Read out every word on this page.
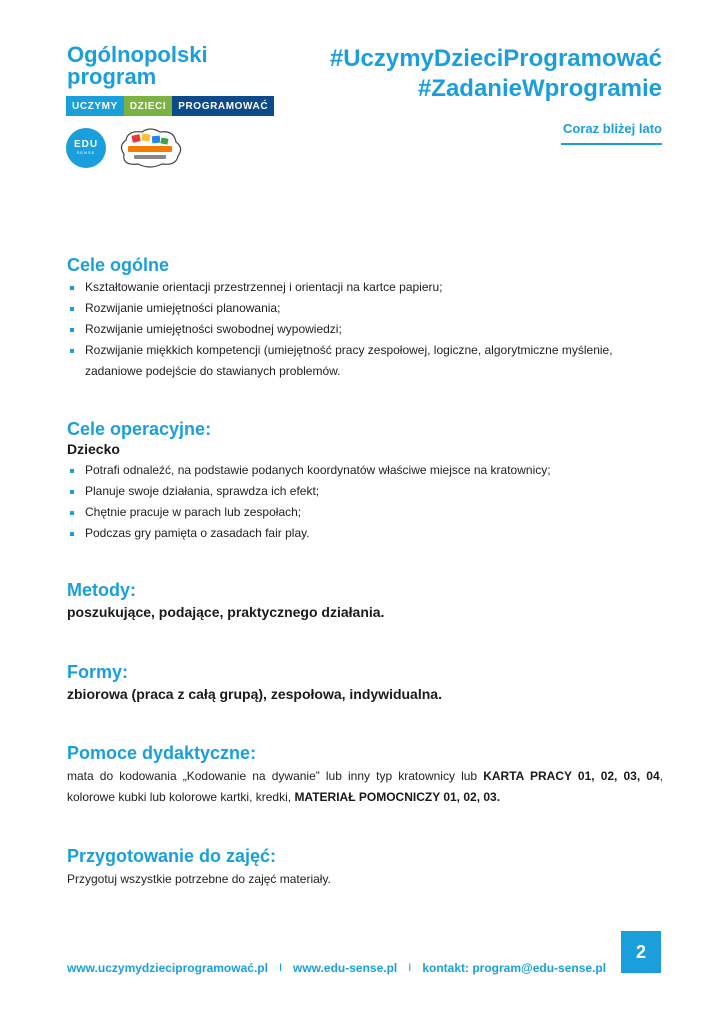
Ogólnopolski
program
UCZYMY	DZIECI	PROGRAMOWAĆ
EDU
SENSE
#UczymyDzieciProgramować
#ZadanieWprogramie
Coraz bliżej lato
Cele ogólne
Kształtowanie orientacji przestrzennej i orientacji na kartce papieru;
Rozwijanie umiejętności planowania;
Rozwijanie umiejętności swobodnej wypowiedzi;
Rozwijanie miękkich kompetencji (umiejętność pracy zespołowej, logiczne, algorytmiczne myślenie, zadaniowe podejście do stawianych problemów.
Cele operacyjne:
Dziecko
Potrafi odnaleźć, na podstawie podanych koordynatów właściwe miejsce na kratownicy;
Planuje swoje działania, sprawdza ich efekt;
Chętnie pracuje w parach lub zespołach;
Podczas gry pamięta o zasadach fair play.
Metody:
poszukujące, podające, praktycznego działania.
Formy:
zbiorowa (praca z całą grupą), zespołowa, indywidualna.
Pomoce dydaktyczne:
mata do kodowania „Kodowanie na dywanie” lub inny typ kratownicy lub KARTA PRACY 01, 02, 03, 04, kolorowe kubki lub kolorowe kartki, kredki, MATERIAŁ POMOCNICZY 01, 02, 03.
Przygotowanie do zajęć:
Przygotuj wszystkie potrzebne do zajęć materiały.
2
www.uczymydzieciprogramować.pl I www.edu-sense.pl I kontakt: program@edu-sense.pl
